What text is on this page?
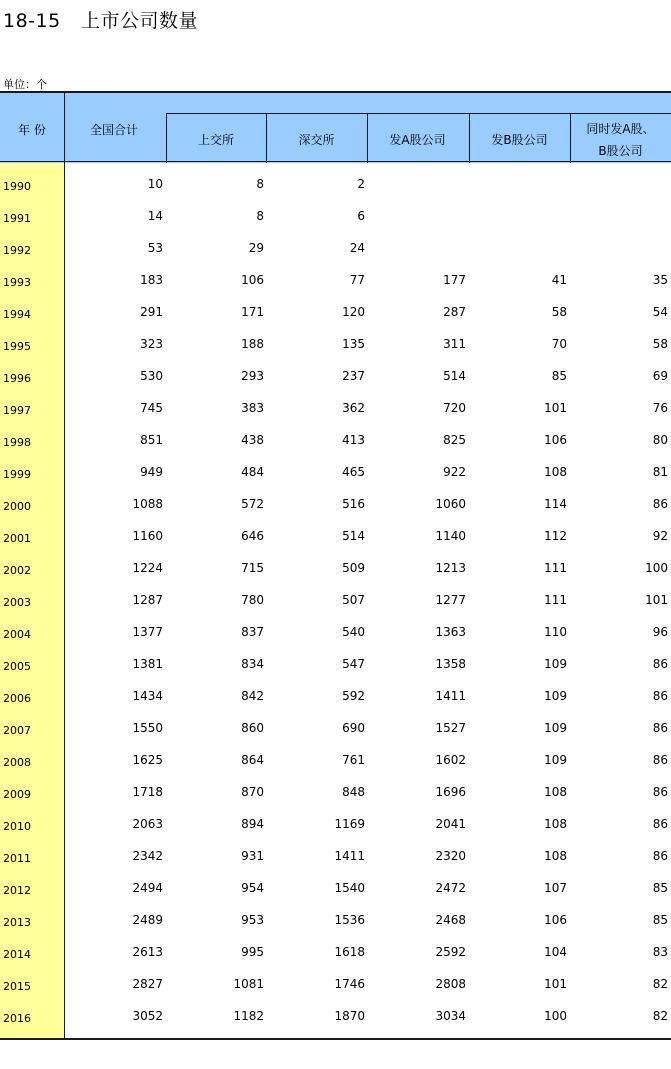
18-15 上市公司数量
单位：个
年 份	全国合计
上交所	深交所	发A股公司	发B股公司
同时发A股、
B股公司
1990	10	8	2
1991	14	8	6
1992	53	29	24
1993	183	106	77	177	41	35
1994	291	171	120	287	58	54
1995	323	188	135	311	70	58
1996	530	293	237	514	85	69
1997	745	383	362	720	101	76
1998	851	438	413	825	106	80
1999	949	484	465	922	108	81
2000	1088	572	516	1060	114	86
2001	1160	646	514	1140	112	92
2002	1224	715	509	1213	111	100
2003	1287	780	507	1277	111	101
2004	1377	837	540	1363	110	96
2005	1381	834	547	1358	109	86
2006	1434	842	592	1411	109	86
2007	1550	860	690	1527	109	86
2008	1625	864	761	1602	109	86
2009	1718	870	848	1696	108	86
2010	2063	894	1169	2041	108	86
2011	2342	931	1411	2320	108	86
2012	2494	954	1540	2472	107	85
2013	2489	953	1536	2468	106	85
2014	2613	995	1618	2592	104	83
2015	2827	1081	1746	2808	101	82
2016	3052	1182	1870	3034	100	82
